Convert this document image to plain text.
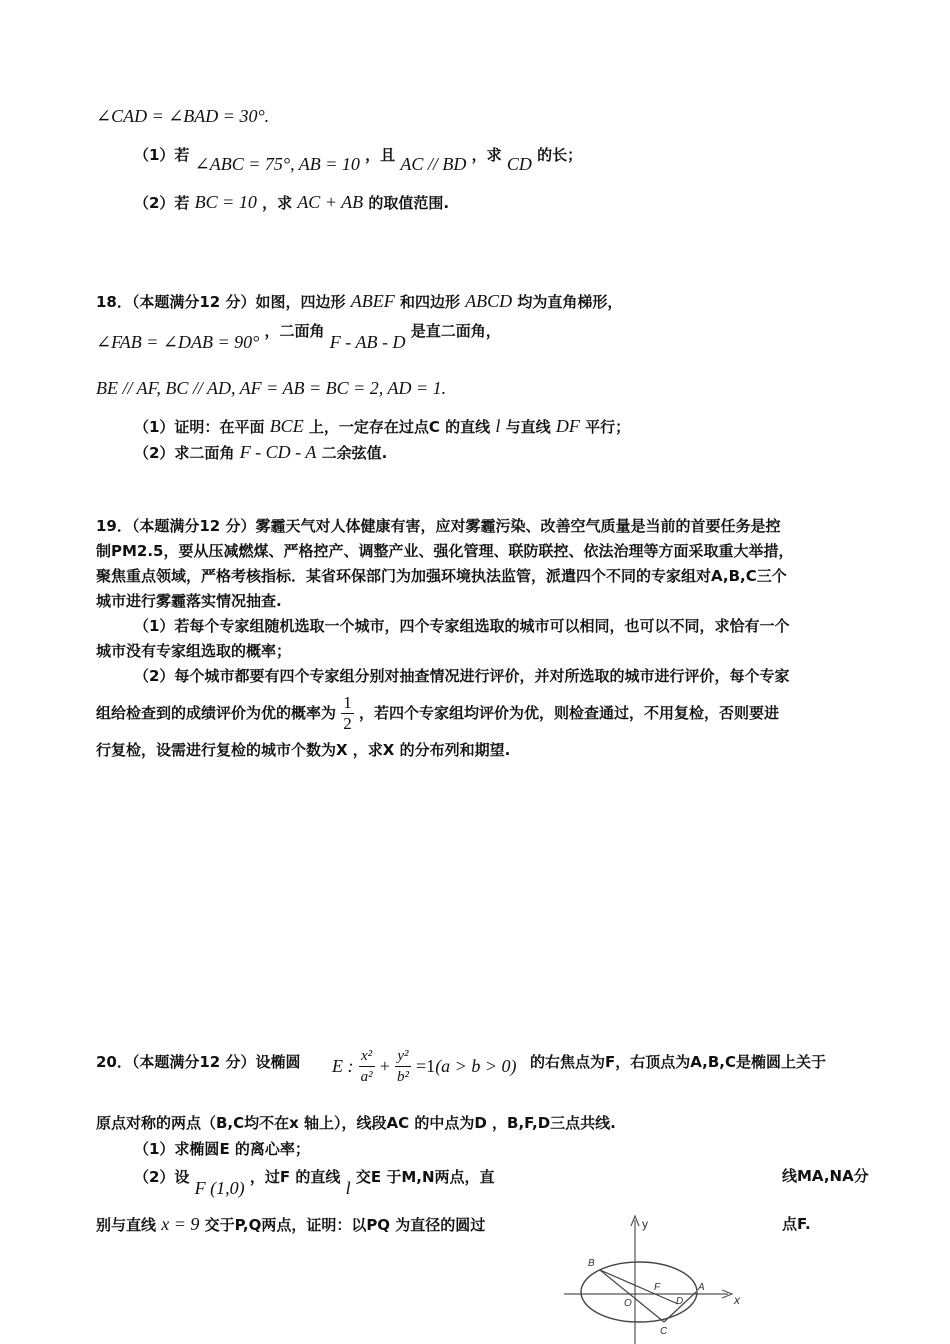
∠CAD = ∠BAD = 30°.
（1）若 ∠ABC = 75°, AB = 10 ，且 AC // BD ，求 CD 的长；
（2）若 BC = 10 ，求 AC + AB 的取值范围.
18．（本题满分12 分）如图，四边形 ABEF 和四边形 ABCD 均为直角梯形，
∠FAB = ∠DAB = 90° ，二面角 F - AB - D 是直二面角，
BE // AF, BC // AD, AF = AB = BC = 2, AD = 1.
（1）证明：在平面 BCE 上，一定存在过点C 的直线 l 与直线 DF 平行；
（2）求二面角 F - CD - A 二余弦值.
19．（本题满分12 分）雾霾天气对人体健康有害，应对雾霾污染、改善空气质量是当前的首要任务是控
制PM2.5，要从压减燃煤、严格控产、调整产业、强化管理、联防联控、依法治理等方面采取重大举措，
聚焦重点领域，严格考核指标．某省环保部门为加强环境执法监管，派遣四个不同的专家组对A,B,C三个
城市进行雾霾落实情况抽查.
（1）若每个专家组随机选取一个城市，四个专家组选取的城市可以相同，也可以不同，求恰有一个
城市没有专家组选取的概率；
（2）每个城市都要有四个专家组分别对抽查情况进行评价，并对所选取的城市进行评价，每个专家
组给检查到的成绩评价为优的概率为 $\frac{1}{2}$ ，若四个专家组均评价为优，则检查通过，不用复检，否则要进
行复检，设需进行复检的城市个数为X ，求X 的分布列和期望.
20．（本题满分12 分）设椭圆 E : $\frac{\text{x²}}{\text{a²}} + \frac{\text{y²}}{\text{b²}} =1(a > b > 0)$ 的右焦点为F，右顶点为A,B,C是椭圆上关于
原点对称的两点（B,C均不在x 轴上），线段AC 的中点为D ，B,F,D三点共线.
（1）求椭圆E 的离心率；
（2）设 F (1,0) ，过F 的直线 l 交E 于M,N两点，直	线MA,NA分
别与直线 x = 9 交于P,Q两点，证明：以PQ 为直径的圆过	点F.
y
x
B
F	A
O	D
C
